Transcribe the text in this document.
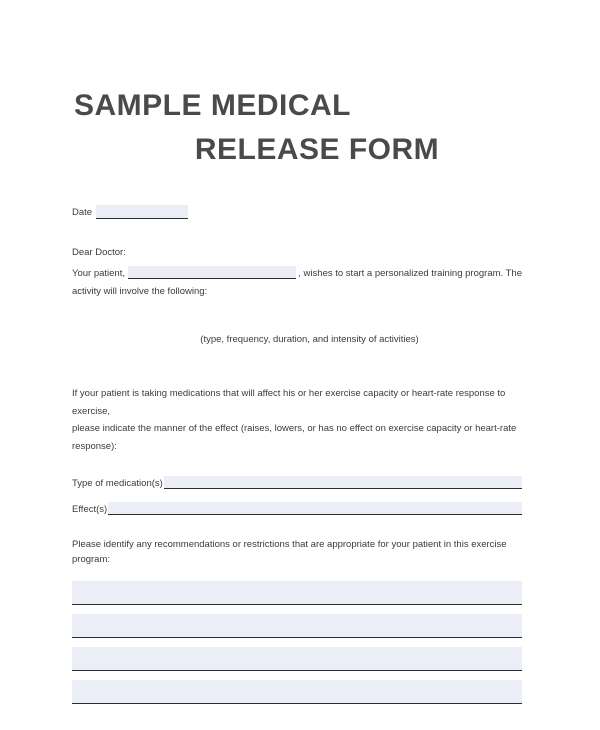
SAMPLE MEDICAL
RELEASE FORM
Date
Dear Doctor:
Your patient,	, wishes to start a personalized training program. The
activity will involve the following:
(type, frequency, duration, and intensity of activities)
If your patient is taking medications that will affect his or her exercise capacity or heart-rate response to exercise,
please indicate the manner of the effect (raises, lowers, or has no effect on exercise capacity or heart-rate response):
Type of medication(s)
Effect(s)
Please identify any recommendations or restrictions that are appropriate for your patient in this exercise program:
